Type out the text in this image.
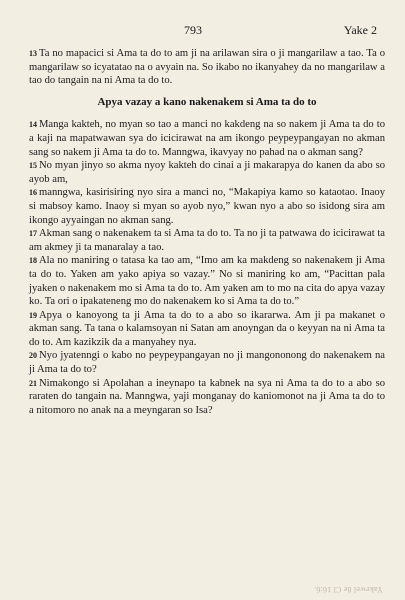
793	Yake 2

13 Ta no mapacici si Ama ta do to am ji na arilawan sira o ji mangarilaw a tao. Ta o mangarilaw so icyatatao na o avyain na. So ikabo no ikanyahey da no mangarilaw a tao do tangain na ni Ama ta do to.

Apya vazay a kano nakenakem si Ama ta do to

14 Manga kakteh, no myan so tao a manci no kakdeng na so nakem ji Ama ta do to a kaji na mapatwawan sya do icicirawat na am ikongo peypeypangayan no akman sang so nakem ji Ama ta do to. Manngwa, ikavyay no pahad na o akman sang?

15 No myan jinyo so akma nyoy kakteh do cinai a ji makarapya do kanen da abo so ayob am,

16 manngwa, kasirisiring nyo sira a manci no, “Makapiya kamo so kataotao. Inaoy si mabsoy kamo. Inaoy si myan so ayob nyo,” kwan nyo a abo so isidong sira am ikongo ayyaingan no akman sang.

17 Akman sang o nakenakem ta si Ama ta do to. Ta no ji ta patwawa do icicirawat ta am akmey ji ta manaralay a tao.

18 Ala no maniring o tatasa ka tao am, “Imo am ka makdeng so nakenakem ji Ama ta do to. Yaken am yako apiya so vazay.” No si maniring ko am, “Pacittan pala jyaken o nakenakem mo si Ama ta do to. Am yaken am to mo na cita do apya vazay ko. Ta ori o ipakateneng mo do nakenakem ko si Ama ta do to.”

19 Apya o kanoyong ta ji Ama ta do to a abo so ikararwa. Am ji pa makanet o akman sang. Ta tana o kalamsoyan ni Satan am anoyngan da o keyyan na ni Ama ta do to. Am kazikzik da a manyahey nya.

20 Nyo jyatenngi o kabo no peypeypangayan no ji mangononong do nakenakem na ji Ama ta do to?

21 Nimakongo si Apolahan a ineynapo ta kabnek na sya ni Ama ta do to a abo so raraten do tangain na. Manngwa, yaji monganay do kaniomonot na ji Ama ta do to a nitomoro no anak na a meyngaran so Isa?

Yakewel 8e Cl 16:6.
